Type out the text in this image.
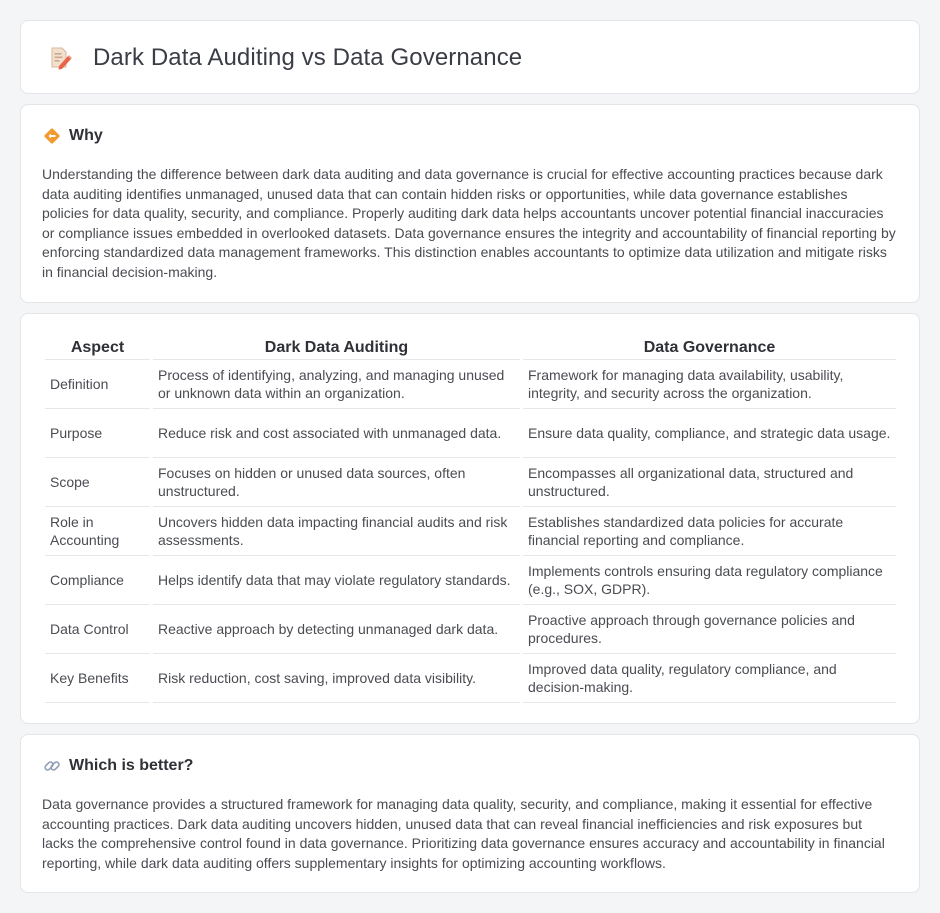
Dark Data Auditing vs Data Governance
Why

Understanding the difference between dark data auditing and data governance is crucial for effective accounting practices because dark data auditing identifies unmanaged, unused data that can contain hidden risks or opportunities, while data governance establishes policies for data quality, security, and compliance. Properly auditing dark data helps accountants uncover potential financial inaccuracies or compliance issues embedded in overlooked datasets. Data governance ensures the integrity and accountability of financial reporting by enforcing standardized data management frameworks. This distinction enables accountants to optimize data utilization and mitigate risks in financial decision-making.

Aspect	Dark Data Auditing	Data Governance
Definition	Process of identifying, analyzing, and managing unused or unknown data within an organization.	Framework for managing data availability, usability, integrity, and security across the organization.
Purpose	Reduce risk and cost associated with unmanaged data.	Ensure data quality, compliance, and strategic data usage.
Scope	Focuses on hidden or unused data sources, often unstructured.	Encompasses all organizational data, structured and unstructured.
Role in Accounting	Uncovers hidden data impacting financial audits and risk assessments.	Establishes standardized data policies for accurate financial reporting and compliance.
Compliance	Helps identify data that may violate regulatory standards.	Implements controls ensuring data regulatory compliance (e.g., SOX, GDPR).
Data Control	Reactive approach by detecting unmanaged dark data.	Proactive approach through governance policies and procedures.
Key Benefits	Risk reduction, cost saving, improved data visibility.	Improved data quality, regulatory compliance, and decision-making.
Which is better?

Data governance provides a structured framework for managing data quality, security, and compliance, making it essential for effective accounting practices. Dark data auditing uncovers hidden, unused data that can reveal financial inefficiencies and risk exposures but lacks the comprehensive control found in data governance. Prioritizing data governance ensures accuracy and accountability in financial reporting, while dark data auditing offers supplementary insights for optimizing accounting workflows.
